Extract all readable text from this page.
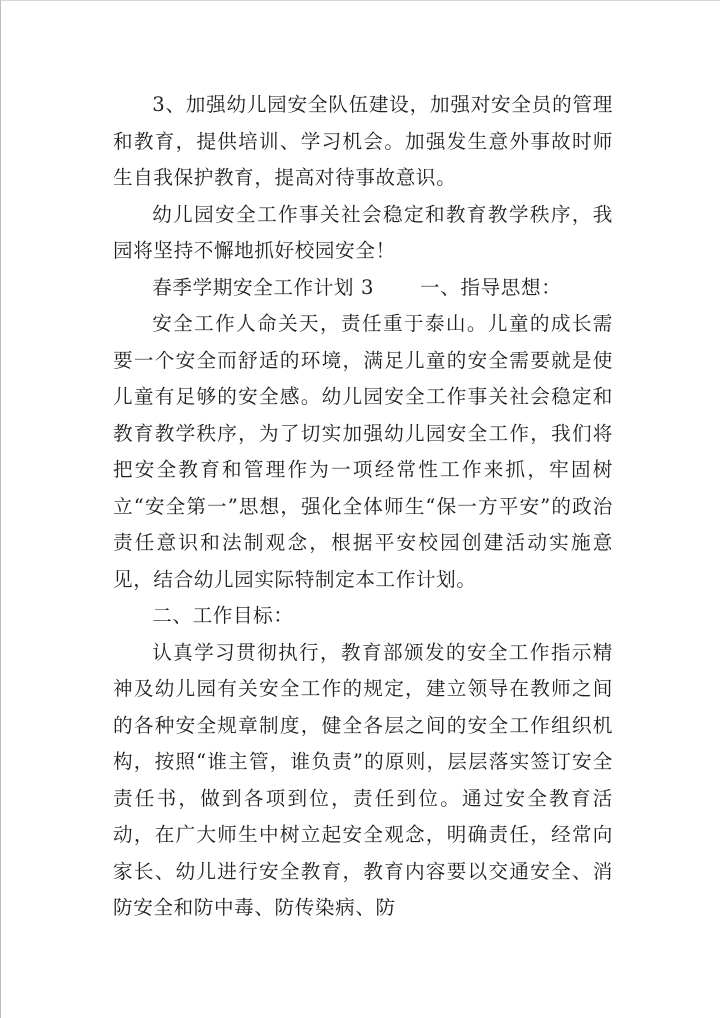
3、加强幼儿园安全队伍建设，加强对安全员的管理和教育，提供培训、学习机会。加强发生意外事故时师生自我保护教育，提高对待事故意识。

幼儿园安全工作事关社会稳定和教育教学秩序，我园将坚持不懈地抓好校园安全！

春季学期安全工作计划 3 一、指导思想：

安全工作人命关天，责任重于泰山。儿童的成长需要一个安全而舒适的环境，满足儿童的安全需要就是使儿童有足够的安全感。幼儿园安全工作事关社会稳定和教育教学秩序，为了切实加强幼儿园安全工作，我们将把安全教育和管理作为一项经常性工作来抓，牢固树立“安全第一”思想，强化全体师生“保一方平安”的政治责任意识和法制观念，根据平安校园创建活动实施意见，结合幼儿园实际特制定本工作计划。

二、工作目标：

认真学习贯彻执行，教育部颁发的安全工作指示精神及幼儿园有关安全工作的规定，建立领导在教师之间的各种安全规章制度，健全各层之间的安全工作组织机构，按照“谁主管，谁负责”的原则，层层落实签订安全责任书，做到各项到位，责任到位。通过安全教育活动，在广大师生中树立起安全观念，明确责任，经常向家长、幼儿进行安全教育，教育内容要以交通安全、消防安全和防中毒、防传染病、防
